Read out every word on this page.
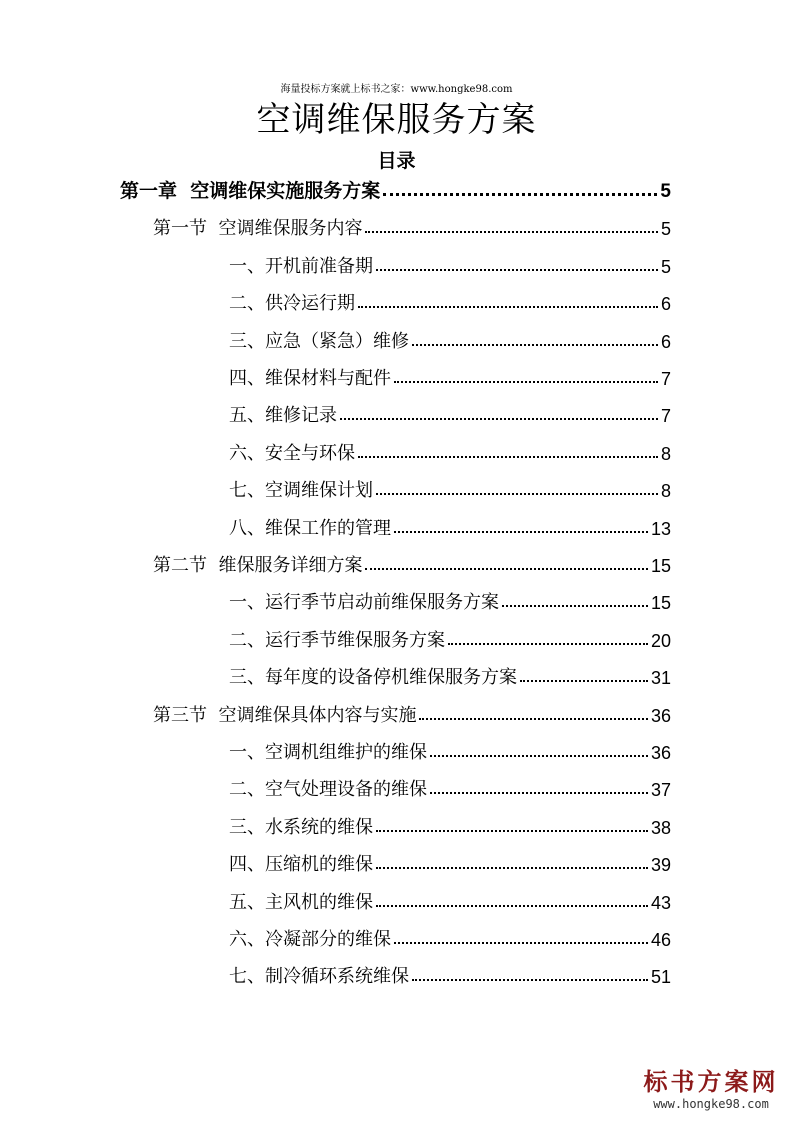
海量投标方案就上标书之家：www.hongke98.com
空调维保服务方案
目录
第一章  空调维保实施服务方案	5
第一节  空调维保服务内容	5
一、开机前准备期	5
二、供冷运行期	6
三、应急（紧急）维修	6
四、维保材料与配件	7
五、维修记录	7
六、安全与环保	8
七、空调维保计划	8
八、维保工作的管理	13
第二节  维保服务详细方案	15
一、运行季节启动前维保服务方案	15
二、运行季节维保服务方案	20
三、每年度的设备停机维保服务方案	31
第三节  空调维保具体内容与实施	36
一、空调机组维护的维保	36
二、空气处理设备的维保	37
三、水系统的维保	38
四、压缩机的维保	39
五、主风机的维保	43
六、冷凝部分的维保	46
七、制冷循环系统维保	51
标书方案网
www.hongke98.com
